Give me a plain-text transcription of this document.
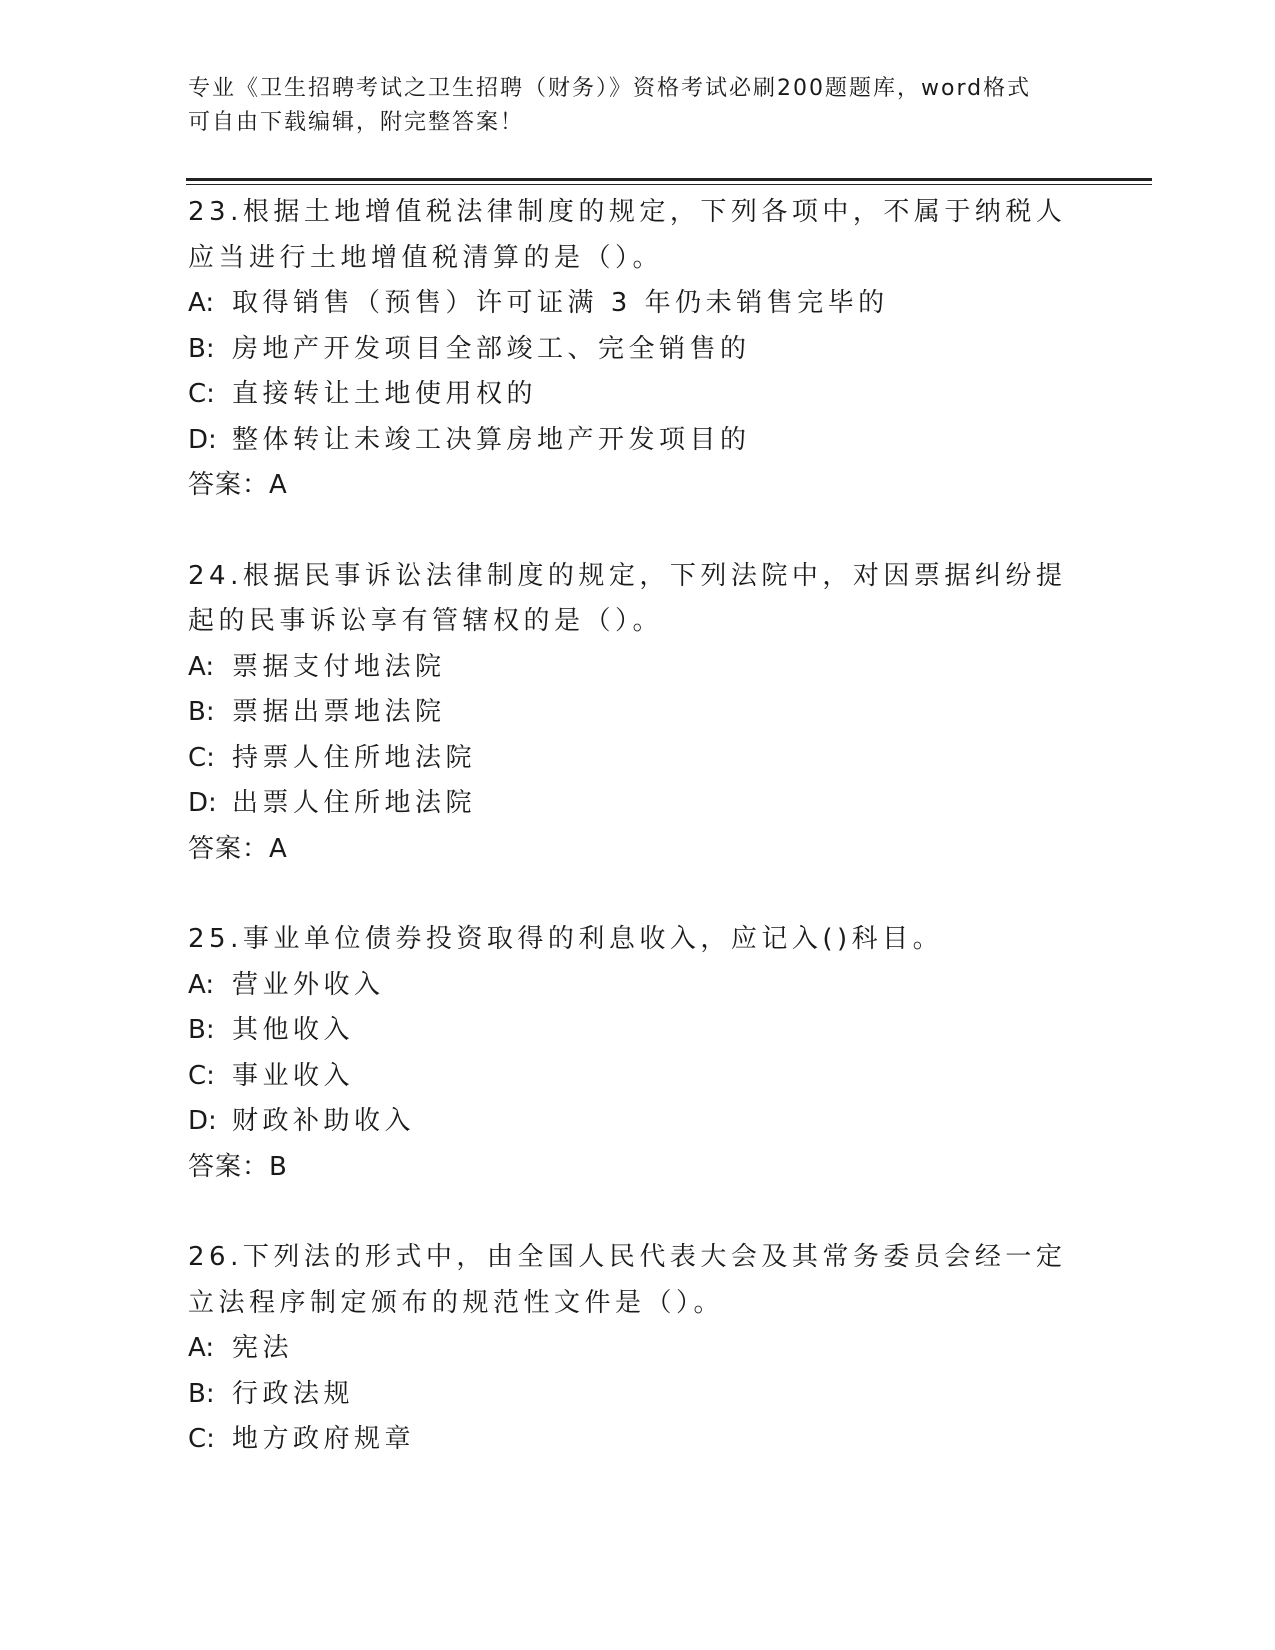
专业《卫生招聘考试之卫生招聘（财务）》资格考试必刷200题题库，word格式
可自由下载编辑，附完整答案！

23.根据土地增值税法律制度的规定，下列各项中，不属于纳税人应当进行土地增值税清算的是（）。

A: 取得销售（预售）许可证满 3 年仍未销售完毕的

B: 房地产开发项目全部竣工、完全销售的

C: 直接转让土地使用权的

D: 整体转让未竣工决算房地产开发项目的

答案：A

24.根据民事诉讼法律制度的规定，下列法院中，对因票据纠纷提起的民事诉讼享有管辖权的是（）。

A: 票据支付地法院

B: 票据出票地法院

C: 持票人住所地法院

D: 出票人住所地法院

答案：A

25.事业单位债券投资取得的利息收入，应记入()科目。

A: 营业外收入

B: 其他收入

C: 事业收入

D: 财政补助收入

答案：B

26.下列法的形式中，由全国人民代表大会及其常务委员会经一定立法程序制定颁布的规范性文件是（）。

A: 宪法

B: 行政法规

C: 地方政府规章
